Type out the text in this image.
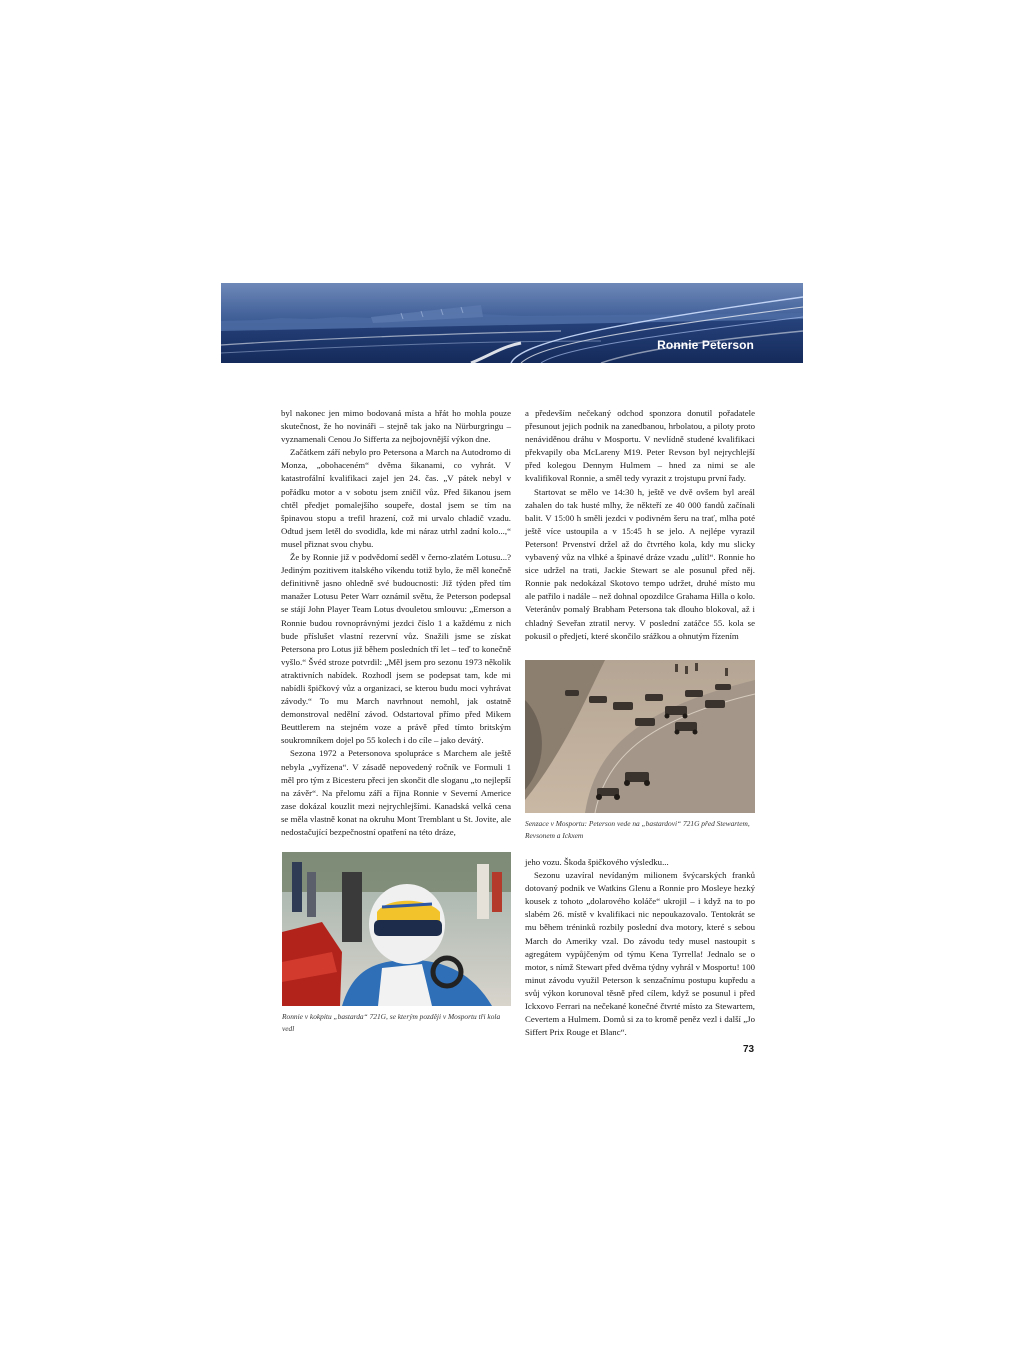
Ronnie Peterson

byl nakonec jen mimo bodovaná místa a hřát ho mohla pouze skutečnost, že ho novináři – stejně tak jako na Nürburgringu – vyznamenali Cenou Jo Sifferta za nejbojovnější výkon dne.

Začátkem září nebylo pro Petersona a March na Autodromo di Monza, „obohaceném“ dvěma šikanami, co vyhrát. V katastrofální kvalifikaci zajel jen 24. čas. „V pátek nebyl v pořádku motor a v sobotu jsem zničil vůz. Před šikanou jsem chtěl předjet pomalejšího soupeře, dostal jsem se tím na špinavou stopu a trefil hrazení, což mi urvalo chladič vzadu. Odtud jsem letěl do svodidla, kde mi náraz utrhl zadní kolo...,“ musel přiznat svou chybu.

Že by Ronnie již v podvědomí seděl v černo-zlatém Lotusu...? Jediným pozitivem italského víkendu totiž bylo, že měl konečně definitivně jasno ohledně své budoucnosti: Již týden před tím manažer Lotusu Peter Warr oznámil světu, že Peterson podepsal se stájí John Player Team Lotus dvouletou smlouvu: „Emerson a Ronnie budou rovnoprávnými jezdci číslo 1 a každému z nich bude příslušet vlastní rezervní vůz. Snažili jsme se získat Petersona pro Lotus již během posledních tří let – teď to konečně vyšlo.“ Švéd stroze potvrdil: „Měl jsem pro sezonu 1973 několik atraktivních nabídek. Rozhodl jsem se podepsat tam, kde mi nabídli špičkový vůz a organizaci, se kterou budu moci vyhrávat závody.“ To mu March navrhnout nemohl, jak ostatně demonstroval nedělní závod. Odstartoval přímo před Mikem Beuttlerem na stejném voze a právě před tímto britským soukromníkem dojel po 55 kolech i do cíle – jako devátý.

Sezona 1972 a Petersonova spolupráce s Marchem ale ještě nebyla „vyřízena“. V zásadě nepovedený ročník ve Formuli 1 měl pro tým z Bicesteru přeci jen skončit dle sloganu „to nejlepší na závěr“. Na přelomu září a října Ronnie v Severní Americe zase dokázal kouzlit mezi nejrychlejšími. Kanadská velká cena se měla vlastně konat na okruhu Mont Tremblant u St. Jovite, ale nedostačující bezpečnostní opatření na této dráze,

a především nečekaný odchod sponzora donutil pořadatele přesunout jejich podnik na zanedbanou, hrbolatou, a piloty proto nenáviděnou dráhu v Mosportu. V nevlídně studené kvalifikaci překvapily oba McLareny M19. Peter Revson byl nejrychlejší před kolegou Dennym Hulmem – hned za nimi se ale kvalifikoval Ronnie, a směl tedy vyrazit z trojstupu první řady.

Startovat se mělo ve 14:30 h, ještě ve dvě ovšem byl areál zahalen do tak husté mlhy, že někteří ze 40 000 fandů začínali balit. V 15:00 h směli jezdci v podivném šeru na trať, mlha poté ještě více ustoupila a v 15:45 h se jelo. A nejlépe vyrazil Peterson! Prvenství držel až do čtvrtého kola, kdy mu slicky vybavený vůz na vlhké a špinavé dráze vzadu „ulítl“. Ronnie ho sice udržel na trati, Jackie Stewart se ale posunul před něj. Ronnie pak nedokázal Skotovo tempo udržet, druhé místo mu ale patřilo i nadále – než dohnal opozdilce Grahama Hilla o kolo. Veteránův pomalý Brabham Petersona tak dlouho blokoval, až i chladný Seveřan ztratil nervy. V poslední zatáčce 55. kola se pokusil o předjetí, které skončilo srážkou a ohnutým řízením

Senzace v Mosportu: Peterson vede na „bastardovi“ 721G před Stewartem, Revsonem a Ickxem
Ronnie v kokpitu „bastarda“ 721G, se kterým později v Mosportu tři kola vedl

jeho vozu. Škoda špičkového výsledku...

Sezonu uzavíral nevídaným milionem švýcarských franků dotovaný podnik ve Watkins Glenu a Ronnie pro Mosleye hezký kousek z tohoto „dolarového koláče“ ukrojil – i když na to po slabém 26. místě v kvalifikaci nic nepoukazovalo. Tentokrát se mu během tréninků rozbily poslední dva motory, které s sebou March do Ameriky vzal. Do závodu tedy musel nastoupit s agregátem vypůjčeným od týmu Kena Tyrrella! Jednalo se o motor, s nímž Stewart před dvěma týdny vyhrál v Mosportu! 100 minut závodu využil Peterson k senzačnímu postupu kupředu a svůj výkon korunoval těsně před cílem, když se posunul i před Ickxovo Ferrari na nečekané konečné čtvrté místo za Stewartem, Cevertem a Hulmem. Domů si za to kromě peněz vezl i další „Jo Siffert Prix Rouge et Blanc“.

73
